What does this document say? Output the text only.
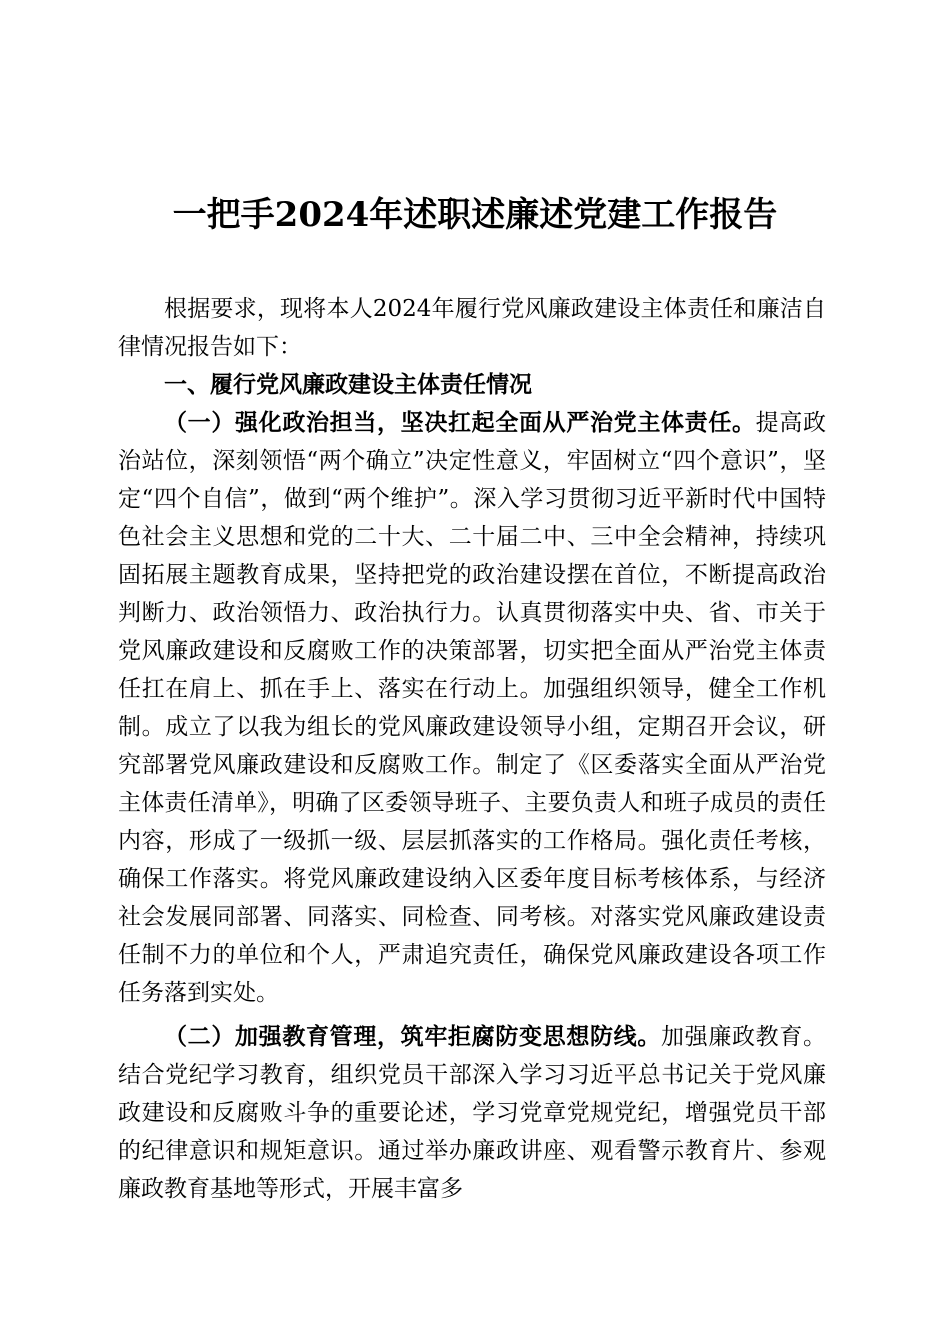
一把手2024年述职述廉述党建工作报告

根据要求，现将本人2024年履行党风廉政建设主体责任和廉洁自律情况报告如下：

一、履行党风廉政建设主体责任情况

（一）强化政治担当，坚决扛起全面从严治党主体责任。提高政治站位，深刻领悟“两个确立”决定性意义，牢固树立“四个意识”，坚定“四个自信”，做到“两个维护”。深入学习贯彻习近平新时代中国特色社会主义思想和党的二十大、二十届二中、三中全会精神，持续巩固拓展主题教育成果，坚持把党的政治建设摆在首位，不断提高政治判断力、政治领悟力、政治执行力。认真贯彻落实中央、省、市关于党风廉政建设和反腐败工作的决策部署，切实把全面从严治党主体责任扛在肩上、抓在手上、落实在行动上。加强组织领导，健全工作机制。成立了以我为组长的党风廉政建设领导小组，定期召开会议，研究部署党风廉政建设和反腐败工作。制定了《区委落实全面从严治党主体责任清单》，明确了区委领导班子、主要负责人和班子成员的责任内容，形成了一级抓一级、层层抓落实的工作格局。强化责任考核，确保工作落实。将党风廉政建设纳入区委年度目标考核体系，与经济社会发展同部署、同落实、同检查、同考核。对落实党风廉政建设责任制不力的单位和个人，严肃追究责任，确保党风廉政建设各项工作任务落到实处。

（二）加强教育管理，筑牢拒腐防变思想防线。加强廉政教育。结合党纪学习教育，组织党员干部深入学习习近平总书记关于党风廉政建设和反腐败斗争的重要论述，学习党章党规党纪，增强党员干部的纪律意识和规矩意识。通过举办廉政讲座、观看警示教育片、参观廉政教育基地等形式，开展丰富多
